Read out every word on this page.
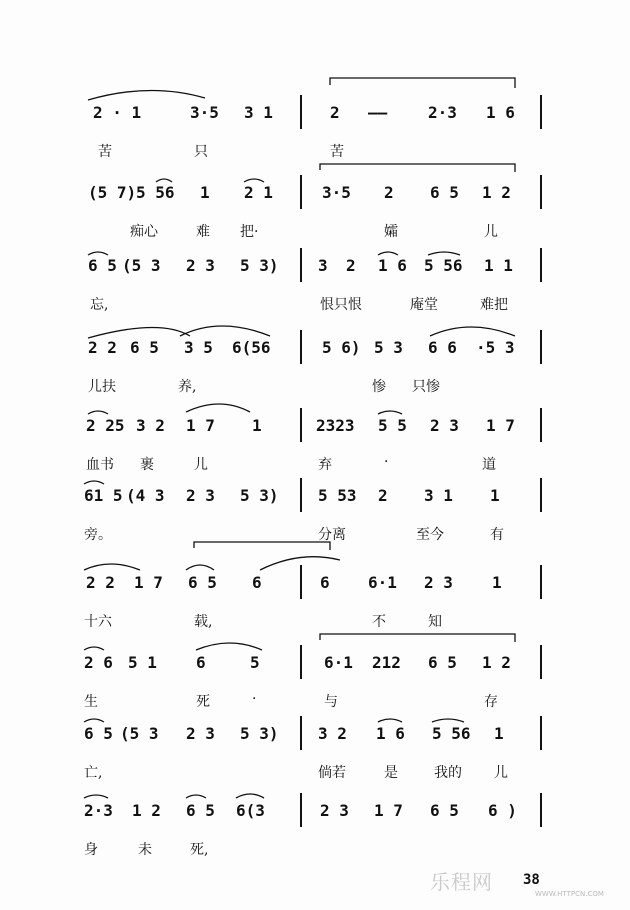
2 · 1	3·5 3 1	2 ——	2·3 1 6
苦	只	苦
(5 7) 5 56 1 2 1	3·5 2 6 5 1 2
痴心	难 把·	孀	儿
6 5 (5 3 2 3 5 3) 3 2 1 6 5 56 1 1
忘,	恨只恨	庵堂	难把
2 2 6 5 3 5 6(56	5 6) 5 3 6 6 ·5 3
儿扶	养,	惨 只惨
2 25 3 2 1 7 1	2323 5 5 2 3 1 7
血书 裹	儿	弃	·	道
61 5 (4 3 2 3 5 3) 5 53 2 3 1 1
旁。	分离	至今	有
2 2 1 7 6 5 6	6 6·1 2 3 1
十六	载,	不	知
2 6 5 1 6	5	6·1 212 6 5 1 2
生	死	·	与	存
6 5 (5 3 2 3 5 3) 3 2 1 6 5 56 1
亡,	倘若	是	我的 儿
2·3 1 2 6 5 6(3	2 3 1 7 6 5 6 )
身	未	死,
38
乐程网	WWW.HTTPCN.COM
